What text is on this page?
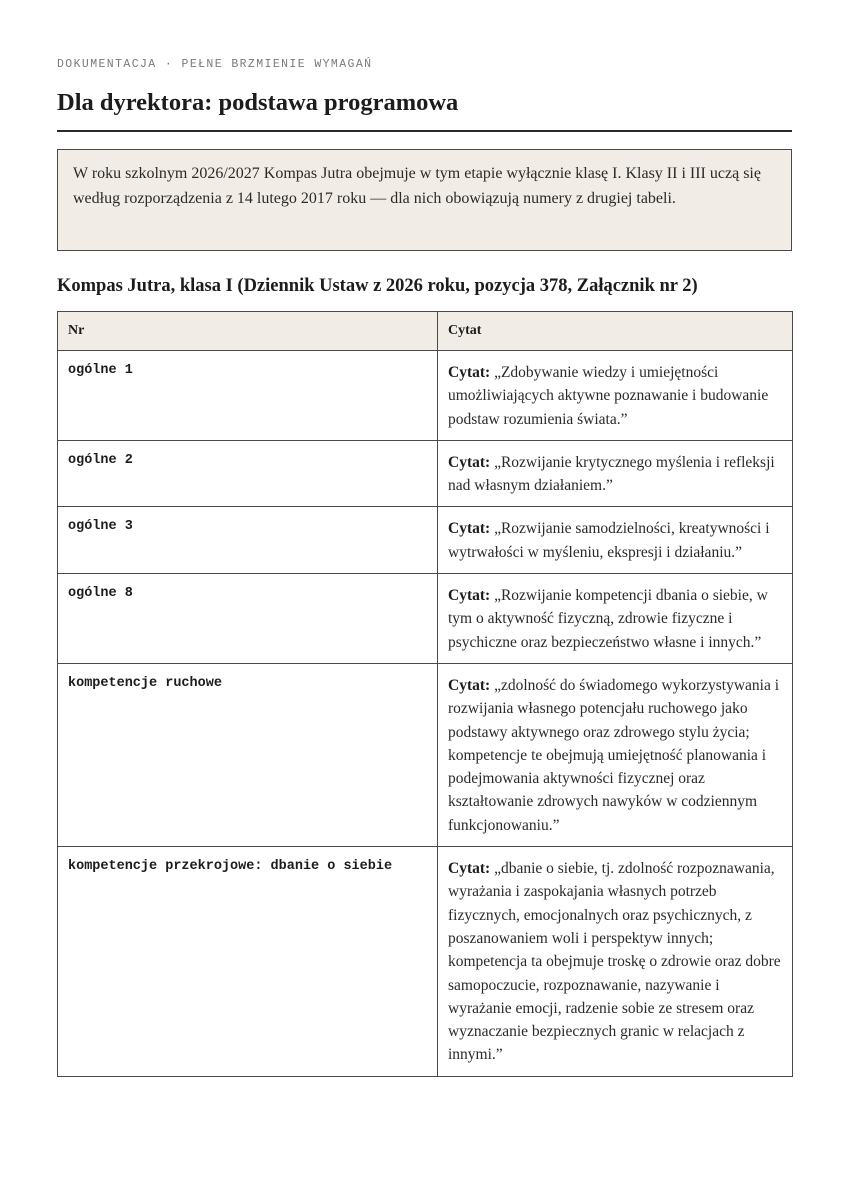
DOKUMENTACJA · PEŁNE BRZMIENIE WYMAGAŃ
Dla dyrektora: podstawa programowa
W roku szkolnym 2026/2027 Kompas Jutra obejmuje w tym etapie wyłącznie klasę I. Klasy II i III uczą się według rozporządzenia z 14 lutego 2017 roku — dla nich obowiązują numery z drugiej tabeli.
Kompas Jutra, klasa I (Dziennik Ustaw z 2026 roku, pozycja 378, Załącznik nr 2)
Nr	Cytat
ogólne 1	Cytat: „Zdobywanie wiedzy i umiejętności umożliwiających aktywne poznawanie i budowanie podstaw rozumienia świata.”
ogólne 2	Cytat: „Rozwijanie krytycznego myślenia i refleksji nad własnym działaniem.”
ogólne 3	Cytat: „Rozwijanie samodzielności, kreatywności i wytrwałości w myśleniu, ekspresji i działaniu.”
ogólne 8	Cytat: „Rozwijanie kompetencji dbania o siebie, w tym o aktywność fizyczną, zdrowie fizyczne i psychiczne oraz bezpieczeństwo własne i innych.”
kompetencje ruchowe	Cytat: „zdolność do świadomego wykorzystywania i rozwijania własnego potencjału ruchowego jako podstawy aktywnego oraz zdrowego stylu życia; kompetencje te obejmują umiejętność planowania i podejmowania aktywności fizycznej oraz kształtowanie zdrowych nawyków w codziennym funkcjonowaniu.”
kompetencje przekrojowe: dbanie o siebie	Cytat: „dbanie o siebie, tj. zdolność rozpoznawania, wyrażania i zaspokajania własnych potrzeb fizycznych, emocjonalnych oraz psychicznych, z poszanowaniem woli i perspektyw innych; kompetencja ta obejmuje troskę o zdrowie oraz dobre samopoczucie, rozpoznawanie, nazywanie i wyrażanie emocji, radzenie sobie ze stresem oraz wyznaczanie bezpiecznych granic w relacjach z innymi.”
